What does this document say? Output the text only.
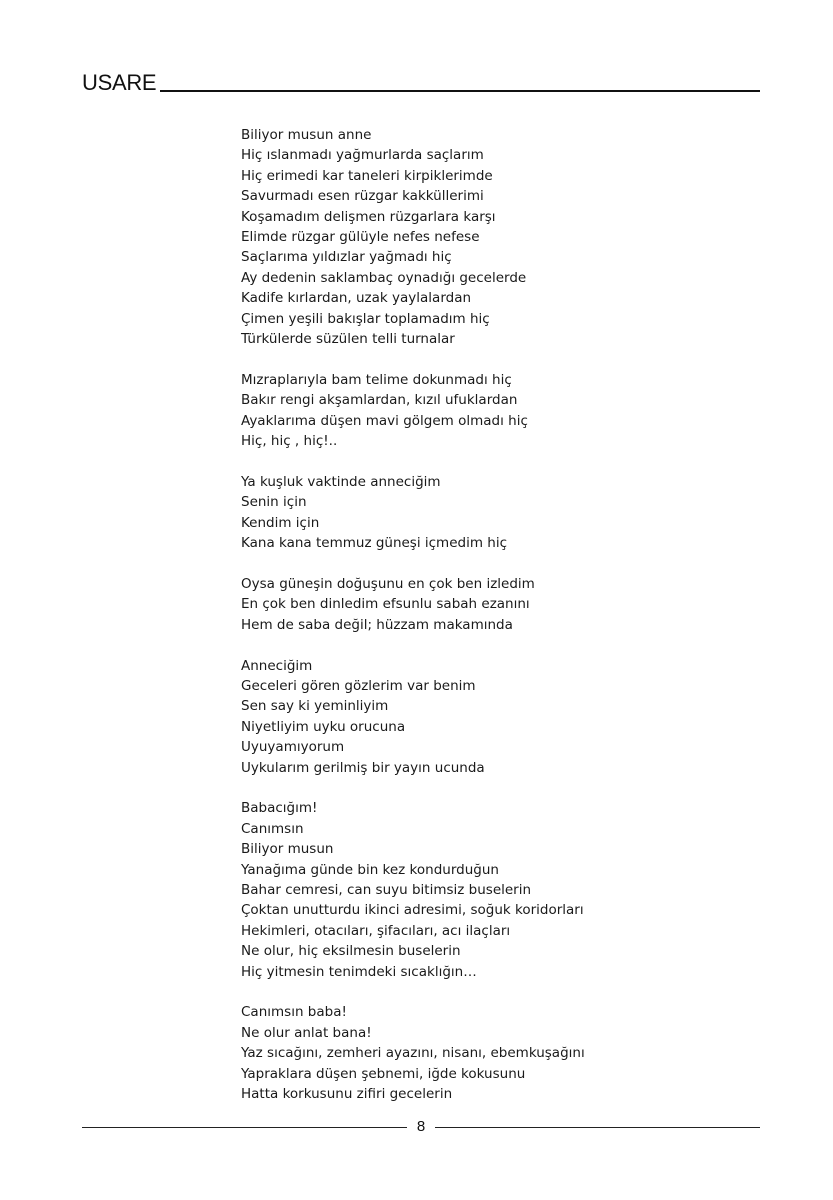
USARE
Biliyor musun anne
Hiç ıslanmadı yağmurlarda saçlarım
Hiç erimedi kar taneleri kirpiklerimde
Savurmadı esen rüzgar kakküllerimi
Koşamadım delişmen rüzgarlara karşı
Elimde rüzgar gülüyle nefes nefese
Saçlarıma yıldızlar yağmadı hiç
Ay dedenin saklambaç oynadığı gecelerde
Kadife kırlardan, uzak yaylalardan
Çimen yeşili bakışlar toplamadım hiç
Türkülerde süzülen telli turnalar
Mızraplarıyla bam telime dokunmadı hiç
Bakır rengi akşamlardan, kızıl ufuklardan
Ayaklarıma düşen mavi gölgem olmadı hiç
Hiç, hiç , hiç!..
Ya kuşluk vaktinde anneciğim
Senin için
Kendim için
Kana kana temmuz güneşi içmedim hiç
Oysa güneşin doğuşunu en çok ben izledim
En çok ben dinledim efsunlu sabah ezanını
Hem de saba değil; hüzzam makamında
Anneciğim
Geceleri gören gözlerim var benim
Sen say ki yeminliyim
Niyetliyim uyku orucuna
Uyuyamıyorum
Uykularım gerilmiş bir yayın ucunda
Babacığım!
Canımsın
Biliyor musun
Yanağıma günde bin kez kondurduğun
Bahar cemresi, can suyu bitimsiz buselerin
Çoktan unutturdu ikinci adresimi, soğuk koridorları
Hekimleri, otacıları, şifacıları, acı ilaçları
Ne olur, hiç eksilmesin buselerin
Hiç yitmesin tenimdeki sıcaklığın…
Canımsın baba!
Ne olur anlat bana!
Yaz sıcağını, zemheri ayazını, nisanı, ebemkuşağını
Yapraklara düşen şebnemi, iğde kokusunu
Hatta korkusunu zifiri gecelerin
8
